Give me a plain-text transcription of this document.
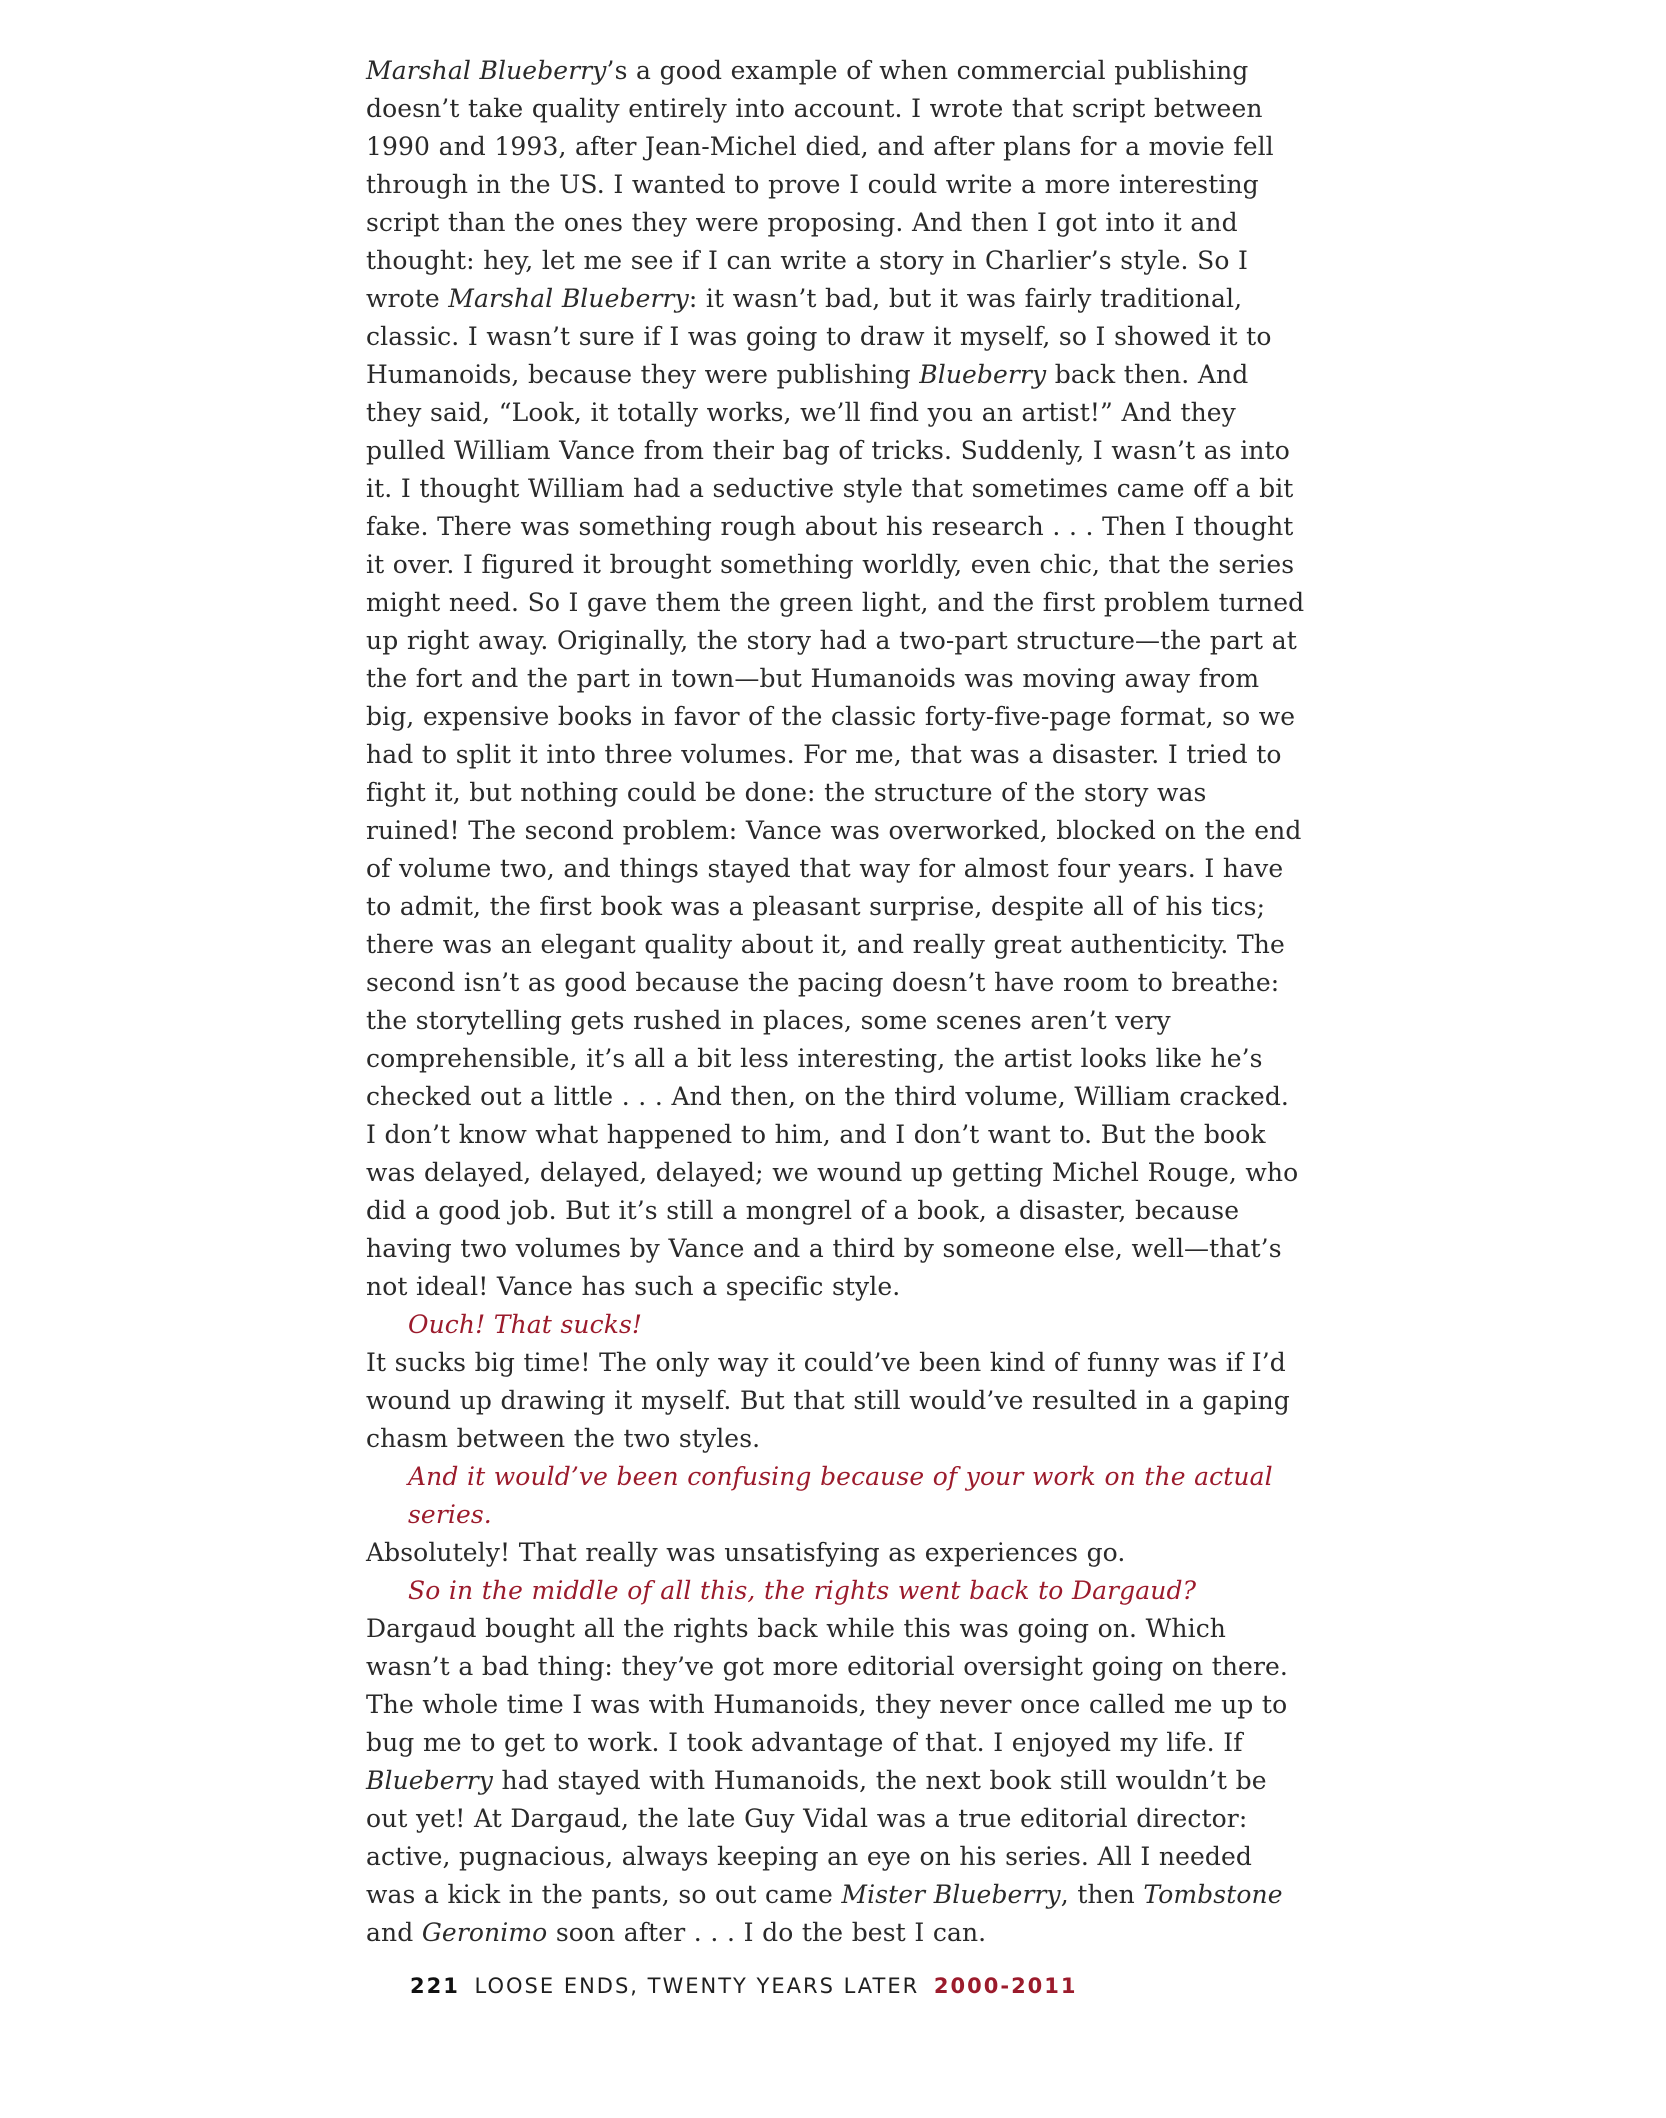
Marshal Blueberry’s a good example of when commercial publishing doesn’t take quality entirely into account. I wrote that script between 1990 and 1993, after Jean-Michel died, and after plans for a movie fell through in the US. I wanted to prove I could write a more interesting script than the ones they were proposing. And then I got into it and thought: hey, let me see if I can write a story in Charlier’s style. So I wrote Marshal Blueberry: it wasn’t bad, but it was fairly traditional, classic. I wasn’t sure if I was going to draw it myself, so I showed it to Humanoids, because they were publishing Blueberry back then. And they said, “Look, it totally works, we’ll find you an artist!” And they pulled William Vance from their bag of tricks. Suddenly, I wasn’t as into it. I thought William had a seductive style that sometimes came off a bit fake. There was something rough about his research . . . Then I thought it over. I figured it brought something worldly, even chic, that the series might need. So I gave them the green light, and the first problem turned up right away. Originally, the story had a two-part structure—the part at the fort and the part in town—but Humanoids was moving away from big, expensive books in favor of the classic forty-five-page format, so we had to split it into three volumes. For me, that was a disaster. I tried to fight it, but nothing could be done: the structure of the story was ruined! The second problem: Vance was overworked, blocked on the end of volume two, and things stayed that way for almost four years. I have to admit, the first book was a pleasant surprise, despite all of his tics; there was an elegant quality about it, and really great authenticity. The second isn’t as good because the pacing doesn’t have room to breathe: the storytelling gets rushed in places, some scenes aren’t very comprehensible, it’s all a bit less interesting, the artist looks like he’s checked out a little . . . And then, on the third volume, William cracked. I don’t know what happened to him, and I don’t want to. But the book was delayed, delayed, delayed; we wound up getting Michel Rouge, who did a good job. But it’s still a mongrel of a book, a disaster, because having two volumes by Vance and a third by someone else, well—that’s not ideal! Vance has such a specific style.

Ouch! That sucks!

It sucks big time! The only way it could’ve been kind of funny was if I’d wound up drawing it myself. But that still would’ve resulted in a gaping chasm between the two styles.

And it would’ve been confusing because of your work on the actual series.

Absolutely! That really was unsatisfying as experiences go.

So in the middle of all this, the rights went back to Dargaud?

Dargaud bought all the rights back while this was going on. Which wasn’t a bad thing: they’ve got more editorial oversight going on there. The whole time I was with Humanoids, they never once called me up to bug me to get to work. I took advantage of that. I enjoyed my life. If Blueberry had stayed with Humanoids, the next book still wouldn’t be out yet! At Dargaud, the late Guy Vidal was a true editorial director: active, pugnacious, always keeping an eye on his series. All I needed was a kick in the pants, so out came Mister Blueberry, then Tombstone and Geronimo soon after . . . I do the best I can.

221 LOOSE ENDS, TWENTY YEARS LATER 2000-2011
